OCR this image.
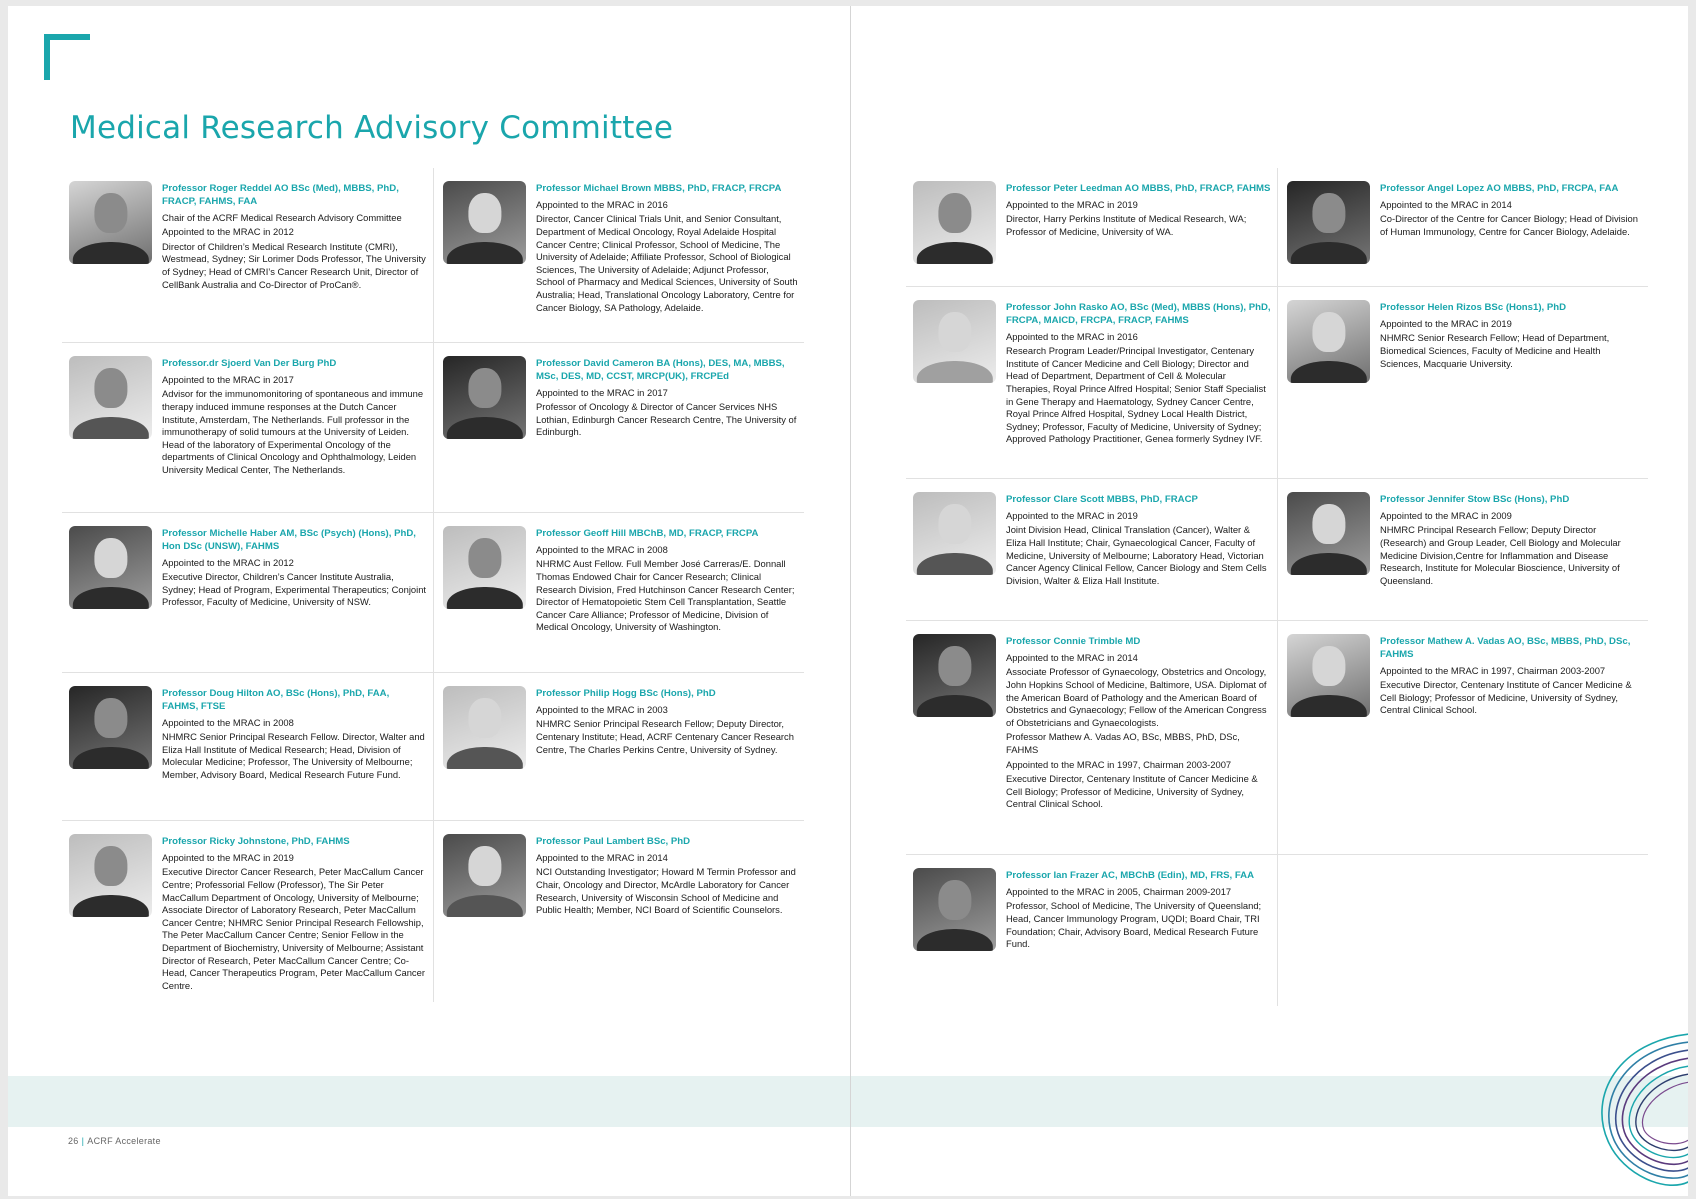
Medical Research Advisory Committee
Professor Roger Reddel AO BSc (Med), MBBS, PhD, FRACP, FAHMS, FAA
Chair of the ACRF Medical Research Advisory Committee
Appointed to the MRAC in 2012
Director of Children’s Medical Research Institute (CMRI), Westmead, Sydney; Sir Lorimer Dods Professor, The University of Sydney; Head of CMRI’s Cancer Research Unit, Director of CellBank Australia and Co-Director of ProCan®.
Professor Michael Brown MBBS, PhD, FRACP, FRCPA
Appointed to the MRAC in 2016
Director, Cancer Clinical Trials Unit, and Senior Consultant, Department of Medical Oncology, Royal Adelaide Hospital Cancer Centre; Clinical Professor, School of Medicine, The University of Adelaide; Affiliate Professor, School of Biological Sciences, The University of Adelaide; Adjunct Professor, School of Pharmacy and Medical Sciences, University of South Australia; Head, Translational Oncology Laboratory, Centre for Cancer Biology, SA Pathology, Adelaide.
Professor.dr Sjoerd Van Der Burg PhD
Appointed to the MRAC in 2017
Advisor for the immunomonitoring of spontaneous and immune therapy induced immune responses at the Dutch Cancer Institute, Amsterdam, The Netherlands. Full professor in the immunotherapy of solid tumours at the University of Leiden. Head of the laboratory of Experimental Oncology of the departments of Clinical Oncology and Ophthalmology, Leiden University Medical Center, The Netherlands.
Professor David Cameron BA (Hons), DES, MA, MBBS, MSc, DES, MD, CCST, MRCP(UK), FRCPEd
Appointed to the MRAC in 2017
Professor of Oncology & Director of Cancer Services NHS Lothian, Edinburgh Cancer Research Centre, The University of Edinburgh.
Professor Michelle Haber AM, BSc (Psych) (Hons), PhD, Hon DSc (UNSW), FAHMS
Appointed to the MRAC in 2012
Executive Director, Children’s Cancer Institute Australia, Sydney; Head of Program, Experimental Therapeutics; Conjoint Professor, Faculty of Medicine, University of NSW.
Professor Geoff Hill MBChB, MD, FRACP, FRCPA
Appointed to the MRAC in 2008
NHRMC Aust Fellow. Full Member José Carreras/E. Donnall Thomas Endowed Chair for Cancer Research; Clinical Research Division, Fred Hutchinson Cancer Research Center; Director of Hematopoietic Stem Cell Transplantation, Seattle Cancer Care Alliance; Professor of Medicine, Division of Medical Oncology, University of Washington.
Professor Doug Hilton AO, BSc (Hons), PhD, FAA, FAHMS, FTSE
Appointed to the MRAC in 2008
NHMRC Senior Principal Research Fellow. Director, Walter and Eliza Hall Institute of Medical Research; Head, Division of Molecular Medicine; Professor, The University of Melbourne; Member, Advisory Board, Medical Research Future Fund.
Professor Philip Hogg BSc (Hons), PhD
Appointed to the MRAC in 2003
NHMRC Senior Principal Research Fellow; Deputy Director, Centenary Institute; Head, ACRF Centenary Cancer Research Centre, The Charles Perkins Centre, University of Sydney.
Professor Ricky Johnstone, PhD, FAHMS
Appointed to the MRAC in 2019
Executive Director Cancer Research, Peter MacCallum Cancer Centre; Professorial Fellow (Professor), The Sir Peter MacCallum Department of Oncology, University of Melbourne; Associate Director of Laboratory Research, Peter MacCallum Cancer Centre; NHMRC Senior Principal Research Fellowship, The Peter MacCallum Cancer Centre; Senior Fellow in the Department of Biochemistry, University of Melbourne; Assistant Director of Research, Peter MacCallum Cancer Centre; Co-Head, Cancer Therapeutics Program, Peter MacCallum Cancer Centre.
Professor Paul Lambert BSc, PhD
Appointed to the MRAC in 2014
NCI Outstanding Investigator; Howard M Termin Professor and Chair, Oncology and Director, McArdle Laboratory for Cancer Research, University of Wisconsin School of Medicine and Public Health; Member, NCI Board of Scientific Counselors.
26 | ACRF Accelerate
Professor Peter Leedman AO MBBS, PhD, FRACP, FAHMS
Appointed to the MRAC in 2019
Director, Harry Perkins Institute of Medical Research, WA; Professor of Medicine, University of WA.
Professor Angel Lopez AO MBBS, PhD, FRCPA, FAA
Appointed to the MRAC in 2014
Co-Director of the Centre for Cancer Biology; Head of Division of Human Immunology, Centre for Cancer Biology, Adelaide.
Professor John Rasko AO, BSc (Med), MBBS (Hons), PhD, FRCPA, MAICD, FRCPA, FRACP, FAHMS
Appointed to the MRAC in 2016
Research Program Leader/Principal Investigator, Centenary Institute of Cancer Medicine and Cell Biology; Director and Head of Department, Department of Cell & Molecular Therapies, Royal Prince Alfred Hospital; Senior Staff Specialist in Gene Therapy and Haematology, Sydney Cancer Centre, Royal Prince Alfred Hospital, Sydney Local Health District, Sydney; Professor, Faculty of Medicine, University of Sydney; Approved Pathology Practitioner, Genea formerly Sydney IVF.
Professor Helen Rizos BSc (Hons1), PhD
Appointed to the MRAC in 2019
NHMRC Senior Research Fellow; Head of Department, Biomedical Sciences, Faculty of Medicine and Health Sciences, Macquarie University.
Professor Clare Scott MBBS, PhD, FRACP
Appointed to the MRAC in 2019
Joint Division Head, Clinical Translation (Cancer), Walter & Eliza Hall Institute; Chair, Gynaecological Cancer, Faculty of Medicine, University of Melbourne; Laboratory Head, Victorian Cancer Agency Clinical Fellow, Cancer Biology and Stem Cells Division, Walter & Eliza Hall Institute.
Professor Jennifer Stow BSc (Hons), PhD
Appointed to the MRAC in 2009
NHMRC Principal Research Fellow; Deputy Director (Research) and Group Leader, Cell Biology and Molecular Medicine Division,Centre for Inflammation and Disease Research, Institute for Molecular Bioscience, University of Queensland.
Professor Connie Trimble MD
Appointed to the MRAC in 2014
Associate Professor of Gynaecology, Obstetrics and Oncology, John Hopkins School of Medicine, Baltimore, USA. Diplomat of the American Board of Pathology and the American Board of Obstetrics and Gynaecology; Fellow of the American Congress of Obstetricians and Gynaecologists.
Professor Mathew A. Vadas AO, BSc, MBBS, PhD, DSc, FAHMS
Appointed to the MRAC in 1997, Chairman 2003-2007
Executive Director, Centenary Institute of Cancer Medicine & Cell Biology; Professor of Medicine, University of Sydney, Central Clinical School.
Professor Mathew A. Vadas AO, BSc, MBBS, PhD, DSc, FAHMS
Appointed to the MRAC in 1997, Chairman 2003-2007
Executive Director, Centenary Institute of Cancer Medicine & Cell Biology; Professor of Medicine, University of Sydney, Central Clinical School.
Professor Ian Frazer AC, MBChB (Edin), MD, FRS, FAA
Appointed to the MRAC in 2005, Chairman 2009-2017
Professor, School of Medicine, The University of Queensland; Head, Cancer Immunology Program, UQDI; Board Chair, TRI Foundation; Chair, Advisory Board, Medical Research Future Fund.
